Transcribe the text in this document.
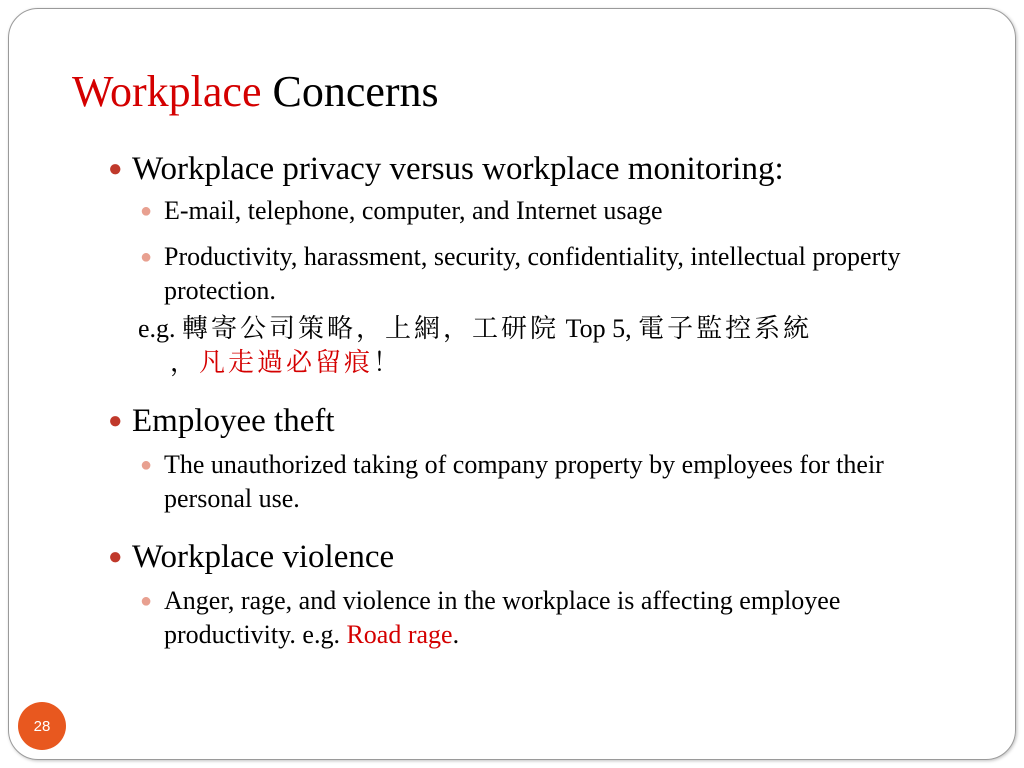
Workplace Concerns
● Workplace privacy versus workplace monitoring:
● E-mail, telephone, computer, and Internet usage
● Productivity, harassment, security, confidentiality, intellectual property protection.
e.g. 轉寄公司策略，上網，工研院 Top 5, 電子監控系統
，凡走過必留痕！
● Employee theft
● The unauthorized taking of company property by employees for their personal use.
● Workplace violence
● Anger, rage, and violence in the workplace is affecting employee productivity. e.g. Road rage.
28
